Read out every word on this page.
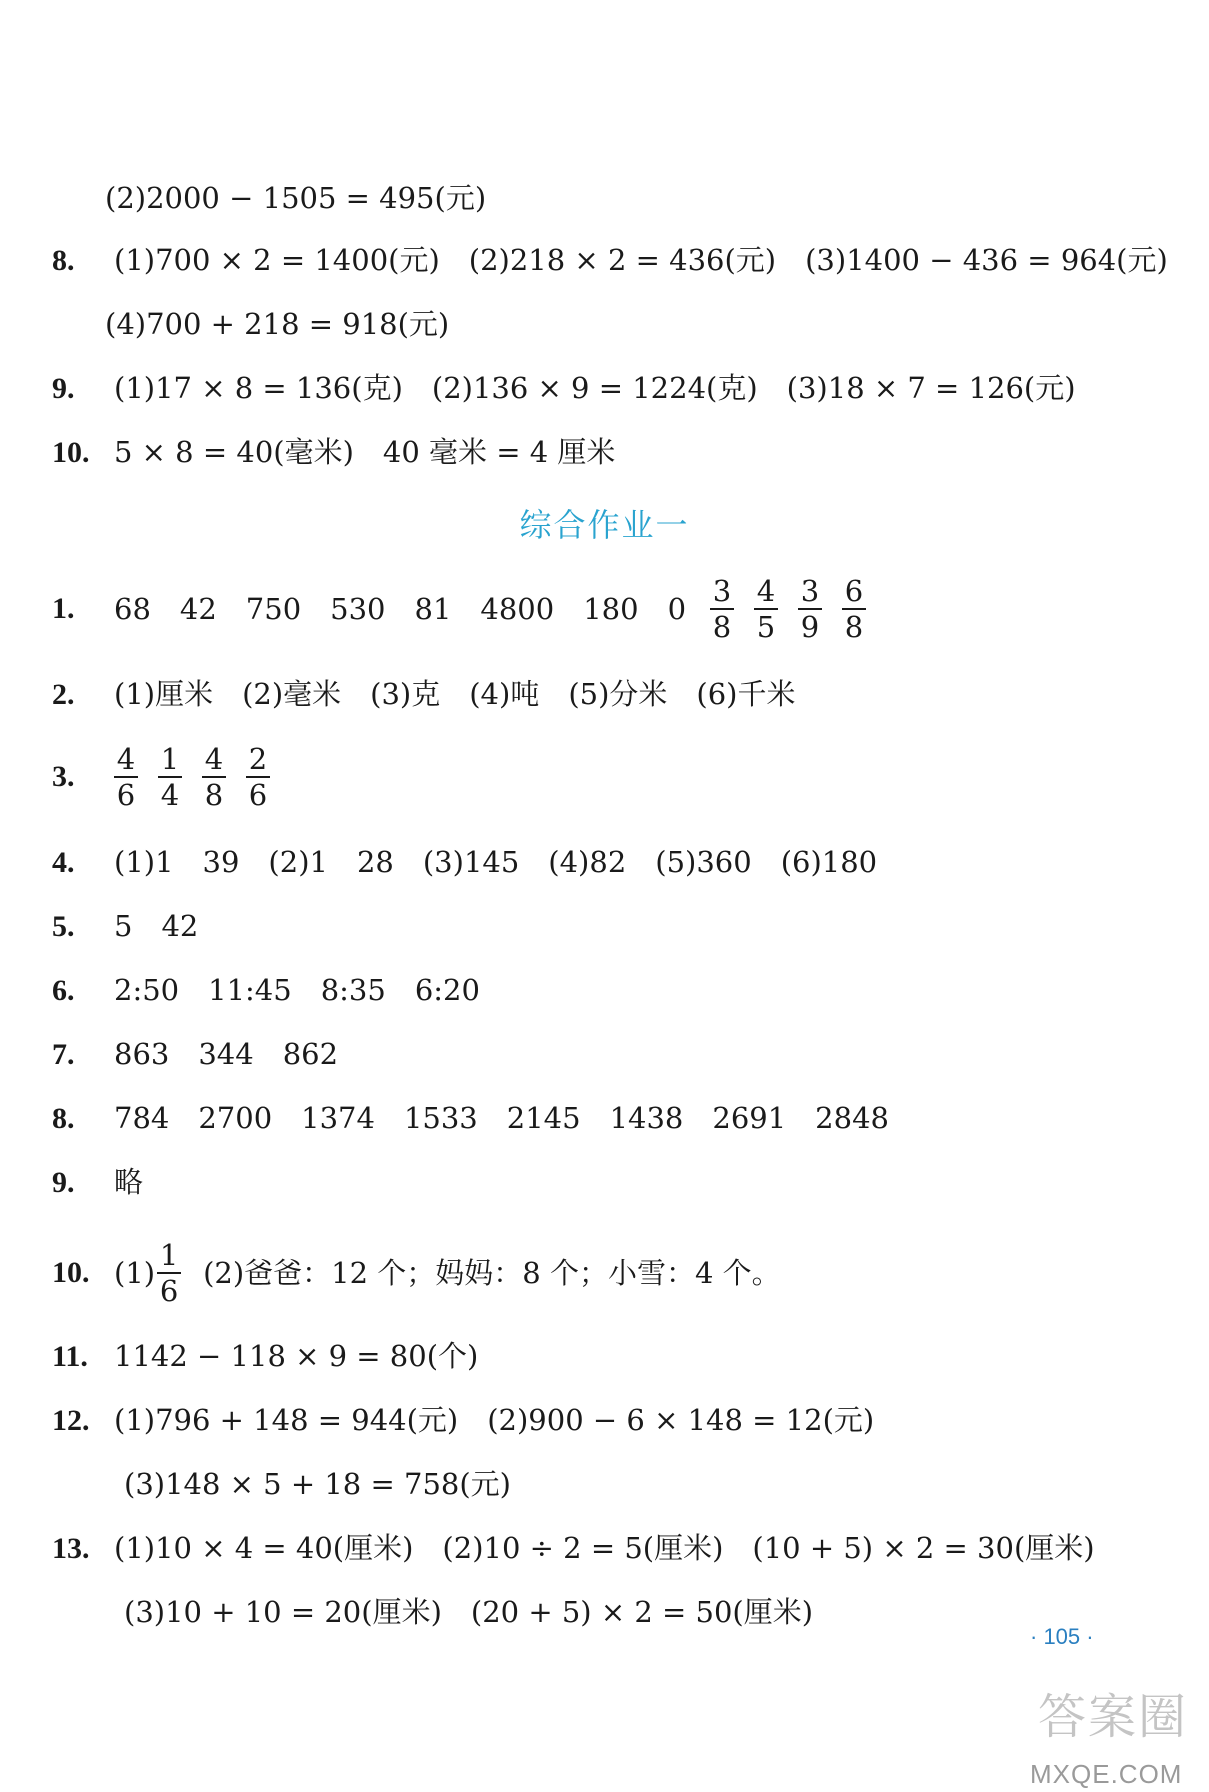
(2)2000 − 1505 = 495(元)
8. (1)700 × 2 = 1400(元)　(2)218 × 2 = 436(元)　(3)1400 − 436 = 964(元)
(4)700 + 218 = 918(元)
9. (1)17 × 8 = 136(克)　(2)136 × 9 = 1224(克)　(3)18 × 7 = 126(元)
10. 5 × 8 = 40(毫米)　40 毫米 = 4 厘米
综合作业一
1.	68　42　750　530　81　4800　180　$0 \frac{3}{8} \frac{4}{5} \frac{3}{9} \frac{6}{8}$
2. (1)厘米　(2)毫米　(3)克　(4)吨　(5)分米　(6)千米
3.	$\frac{4}{6} \frac{1}{4} \frac{4}{8} \frac{2}{6}$
4. (1)1　39　(2)1　28　(3)145　(4)82　(5)360　(6)180
5. 5　42
6. 2:50　11:45　8:35　6:20
7. 863　344　862
8. 784　2700　1374　1533　2145　1438　2691　2848
9. 略
10. $(1) \frac{1}{6} (2)$爸爸：12 个；妈妈：8 个；小雪：4 个。
11. 1142 − 118 × 9 = 80(个)
12. (1)796 + 148 = 944(元)　(2)900 − 6 × 148 = 12(元)
(3)148 × 5 + 18 = 758(元)
13. (1)10 × 4 = 40(厘米)　(2)10 ÷ 2 = 5(厘米)　(10 + 5) × 2 = 30(厘米)
(3)10 + 10 = 20(厘米)　(20 + 5) × 2 = 50(厘米)
· 105 ·
答案圈
MXQE.COM
